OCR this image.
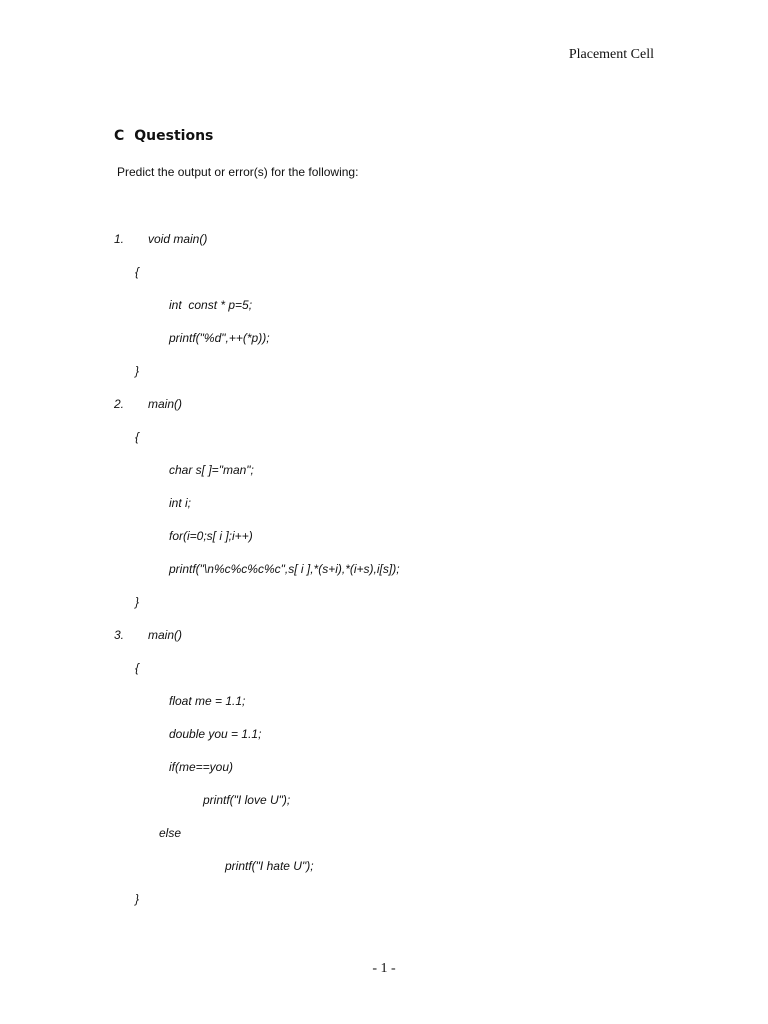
Placement Cell
C Questions
Predict the output or error(s) for the following:
1. void main()
{
int  const * p=5;
printf("%d",++(*p));
}
2. main()
{
char s[ ]="man";
int i;
for(i=0;s[ i ];i++)
printf("\n%c%c%c%c",s[ i ],*(s+i),*(i+s),i[s]);
}
3. main()
{
float me = 1.1;
double you = 1.1;
if(me==you)
printf("I love U");
else
printf("I hate U");
}
- 1 -
